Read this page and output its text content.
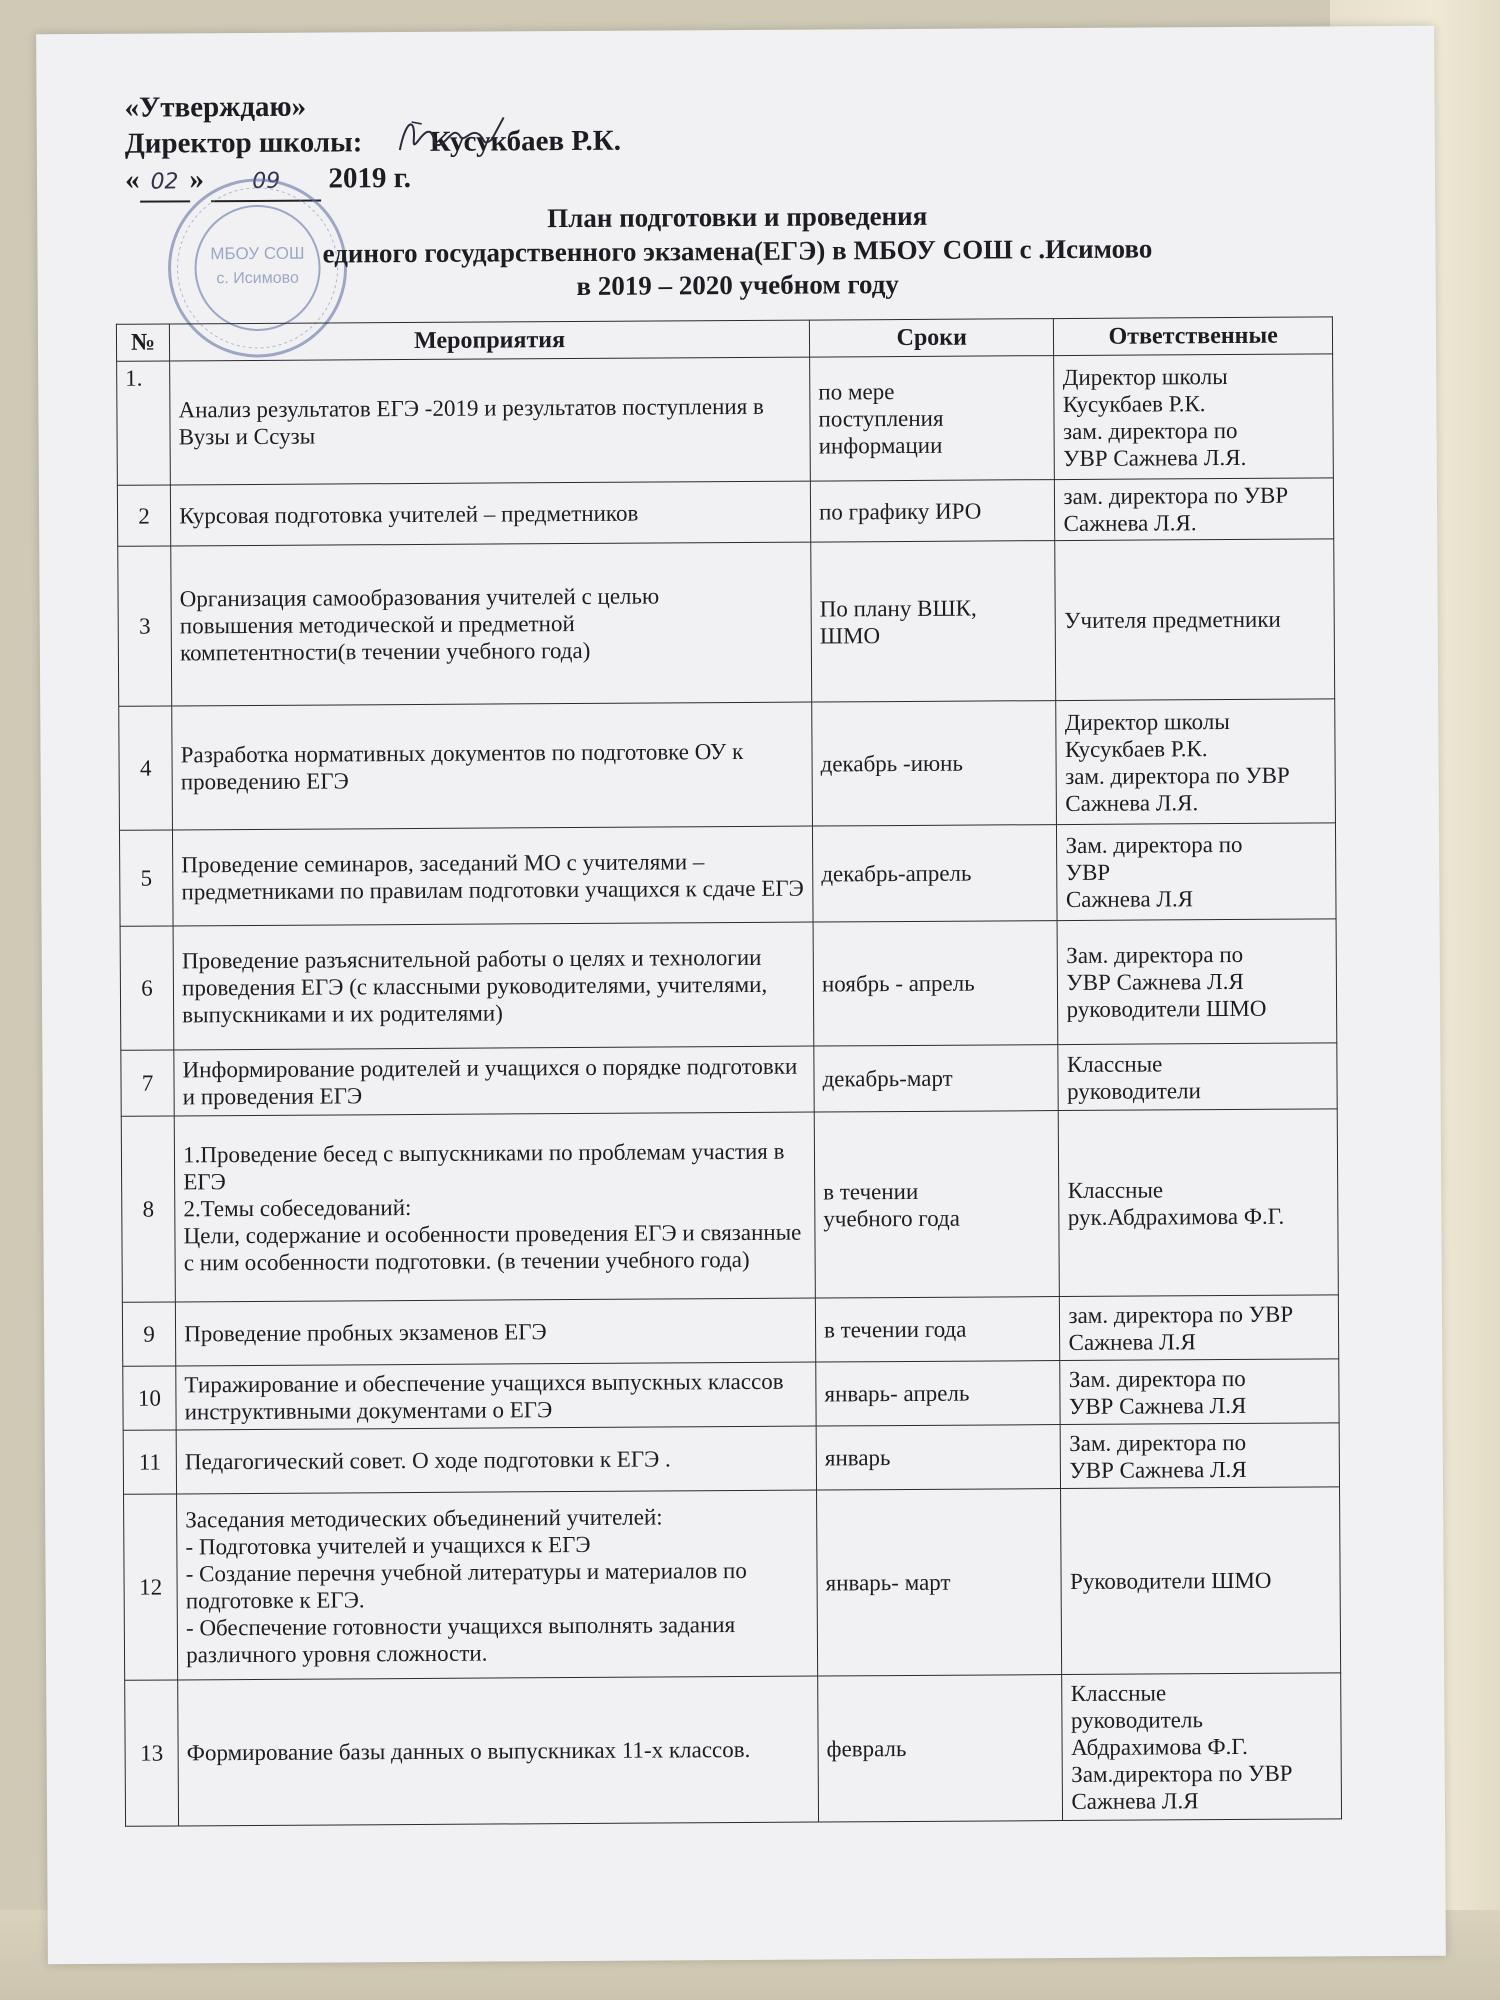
«Утверждаю»
Директор школы: Кусукбаев Р.К.
« 02 » 09 2019 г.
МБОУ СОШ
с. Исимово
План подготовки и проведения
единого государственного экзамена(ЕГЭ) в МБОУ СОШ с .Исимово
в 2019 – 2020 учебном году
№	Мероприятия	Сроки	Ответственные
1.	Анализ результатов ЕГЭ -2019 и результатов поступления в Вузы и Ссузы	по мере
поступления
информации	Директор школы
Кусукбаев Р.К.
зам. директора по
УВР Сажнева Л.Я.
2	Курсовая подготовка учителей – предметников	по графику ИРО	зам. директора по УВР
Сажнева Л.Я.
3	Организация самообразования учителей с целью
повышения методической и предметной
компетентности(в течении учебного года)	По плану ВШК,
ШМО	Учителя предметники
4	Разработка нормативных документов по подготовке ОУ к проведению ЕГЭ	декабрь -июнь	Директор школы
Кусукбаев Р.К.
зам. директора по УВР
Сажнева Л.Я.
5	Проведение семинаров, заседаний МО с учителями – предметниками по правилам подготовки учащихся к сдаче ЕГЭ	декабрь-апрель	Зам. директора по
УВР
Сажнева Л.Я
6	Проведение разъяснительной работы о целях и технологии проведения ЕГЭ (с классными руководителями, учителями, выпускниками и их родителями)	ноябрь - апрель	Зам. директора по
УВР Сажнева Л.Я
руководители ШМО
7	Информирование родителей и учащихся о порядке подготовки и проведения ЕГЭ	декабрь-март	Классные
руководители
8	1.Проведение бесед с выпускниками по проблемам участия в ЕГЭ
2.Темы собеседований:
Цели, содержание и особенности проведения ЕГЭ и связанные с ним особенности подготовки. (в течении учебного года)	в течении
учебного года	Классные
рук.Абдрахимова Ф.Г.
9	Проведение пробных экзаменов ЕГЭ	в течении года	зам. директора по УВР
Сажнева Л.Я
10	Тиражирование и обеспечение учащихся выпускных классов инструктивными документами о ЕГЭ	январь- апрель	Зам. директора по
УВР Сажнева Л.Я
11	Педагогический совет. О ходе подготовки к ЕГЭ .	январь	Зам. директора по
УВР Сажнева Л.Я
12	Заседания методических объединений учителей:
- Подготовка учителей и учащихся к ЕГЭ
- Создание перечня учебной литературы и материалов по подготовке к ЕГЭ.
- Обеспечение готовности учащихся выполнять задания различного уровня сложности.	январь- март	Руководители ШМО
13	Формирование базы данных о выпускниках 11-х классов.	февраль	Классные
руководитель
Абдрахимова Ф.Г.
Зам.директора по УВР
Сажнева Л.Я
